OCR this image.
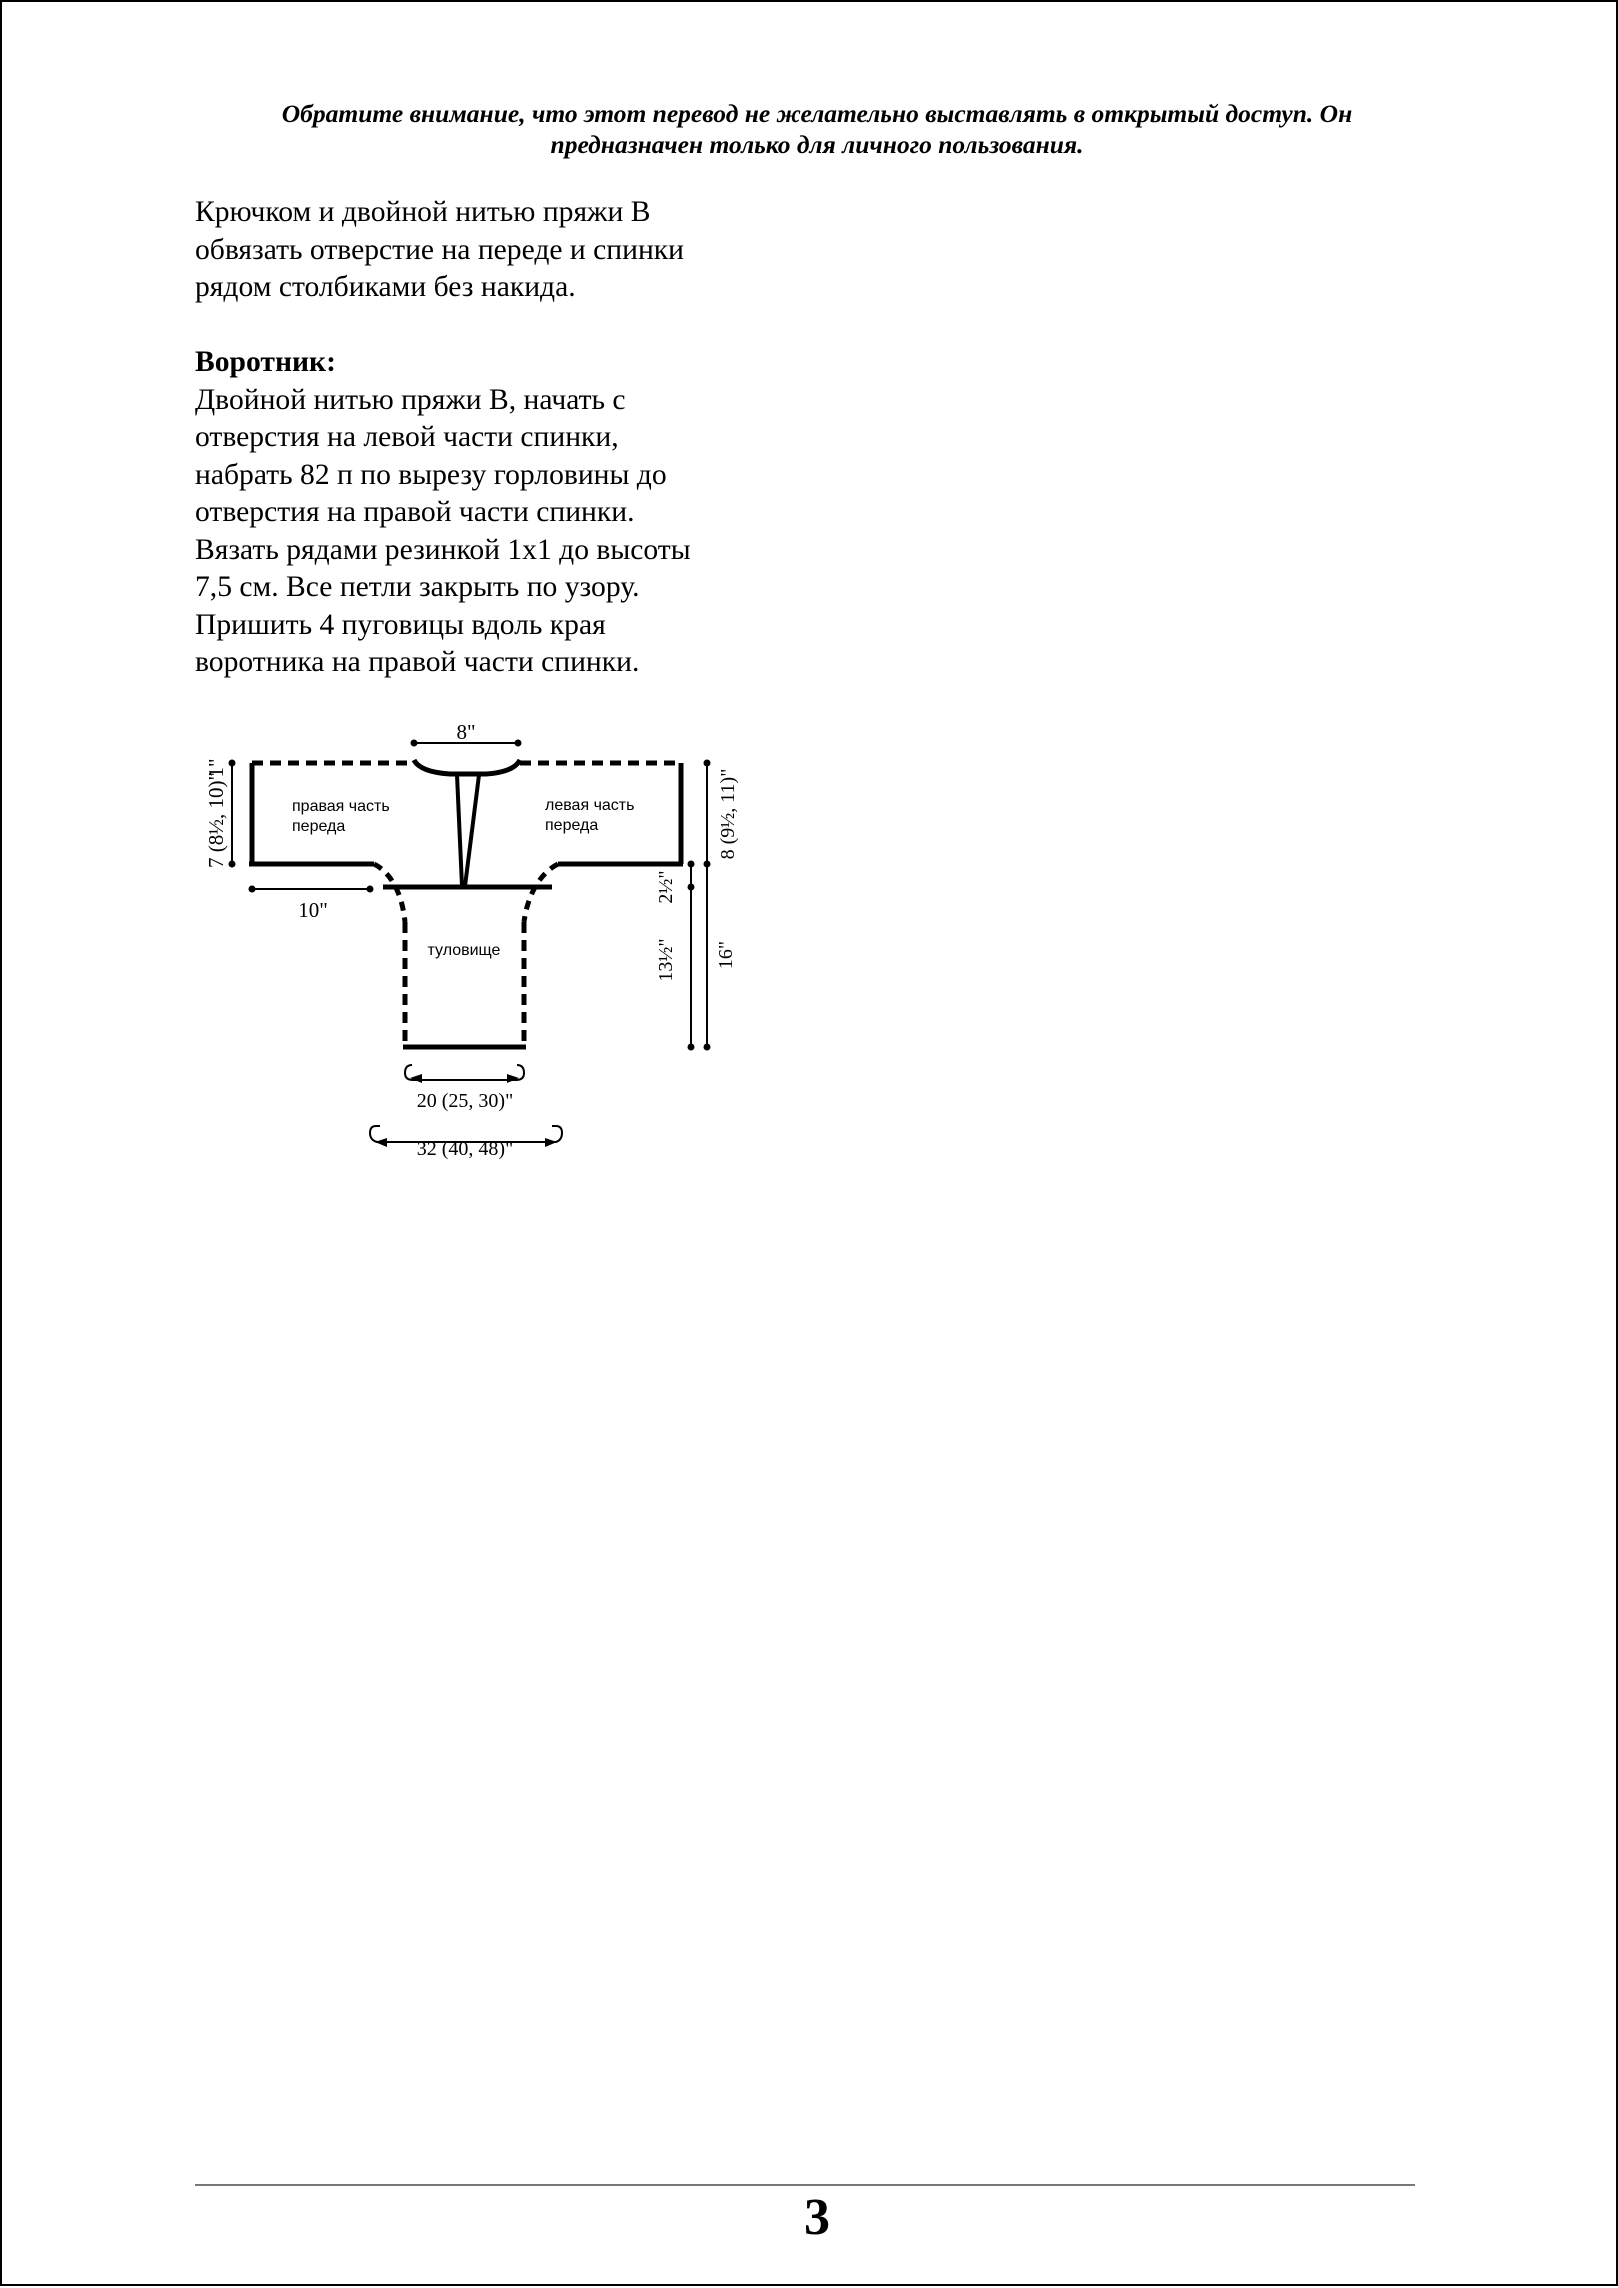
Обратите внимание, что этот перевод не желательно выставлять в открытый доступ. Он
предназначен только для личного пользования.
Крючком и двойной нитью пряжи В
обвязать отверстие на переде и спинки
рядом столбиками без накида.
Воротник:
Двойной нитью пряжи В, начать с
отверстия на левой части спинки,
набрать 82 п по вырезу горловины до
отверстия на правой части спинки.
Вязать рядами резинкой 1х1 до высоты
7,5 см. Все петли закрыть по узору.
Пришить 4 пуговицы вдоль края
воротника на правой части спинки.
8"
7 (8½, 10)"
1"
10"
2½"
13½" 16"
8 (9½, 11)"
правая часть
переда
левая часть
переда
туловище
20 (25, 30)"
32 (40, 48)"
3
